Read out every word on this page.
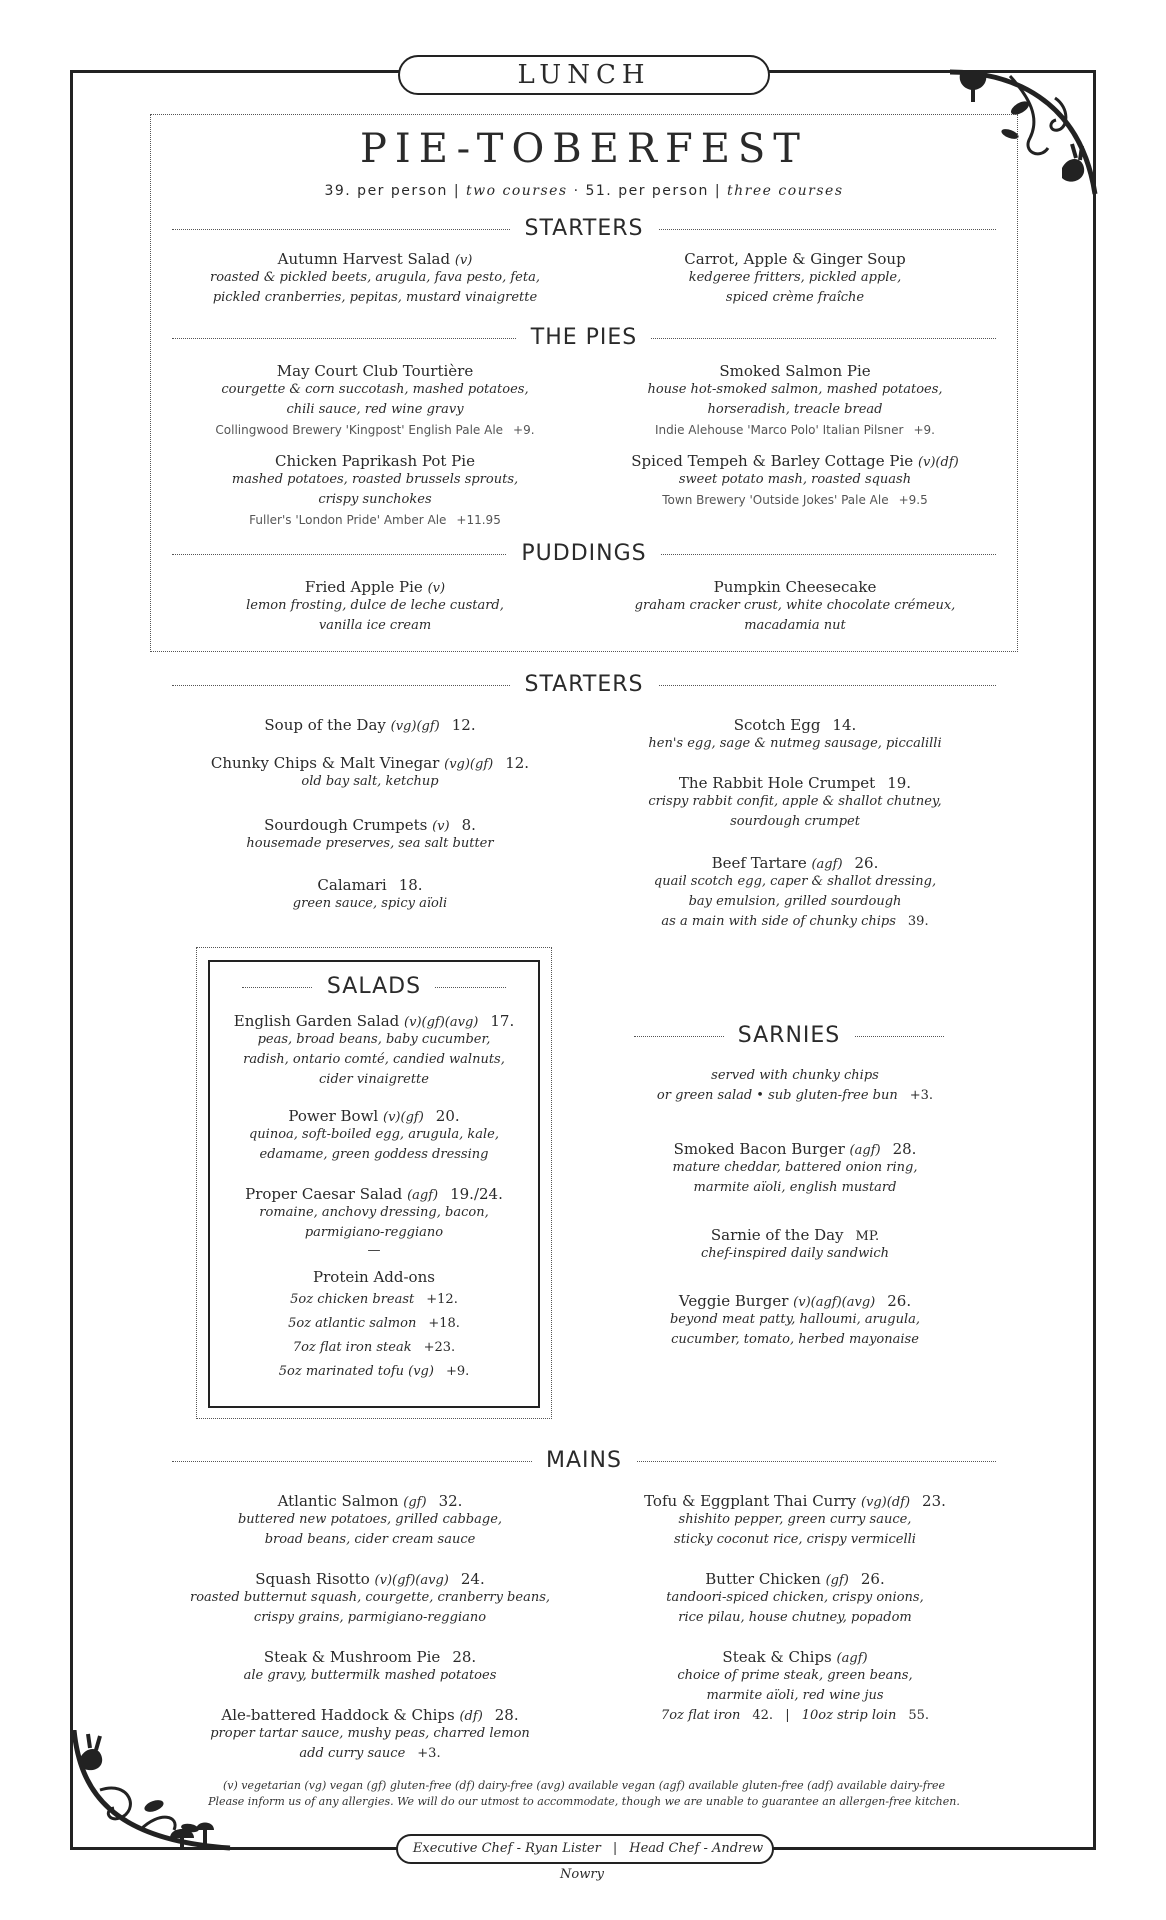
LUNCH
PIE-TOBERFEST
39. per person | two courses · 51. per person | three courses
STARTERS
Autumn Harvest Salad (v)
roasted & pickled beets, arugula, fava pesto, feta,
pickled cranberries, pepitas, mustard vinaigrette
Carrot, Apple & Ginger Soup
kedgeree fritters, pickled apple,
spiced crème fraîche
THE PIES
May Court Club Tourtière
courgette & corn succotash, mashed potatoes,
chili sauce, red wine gravy
Collingwood Brewery 'Kingpost' English Pale Ale +9.
Smoked Salmon Pie
house hot-smoked salmon, mashed potatoes,
horseradish, treacle bread
Indie Alehouse 'Marco Polo' Italian Pilsner +9.
Chicken Paprikash Pot Pie
mashed potatoes, roasted brussels sprouts,
crispy sunchokes
Fuller's 'London Pride' Amber Ale +11.95
Spiced Tempeh & Barley Cottage Pie (v)(df)
sweet potato mash, roasted squash
Town Brewery 'Outside Jokes' Pale Ale +9.5
PUDDINGS
Fried Apple Pie (v)
lemon frosting, dulce de leche custard,
vanilla ice cream
Pumpkin Cheesecake
graham cracker crust, white chocolate crémeux,
macadamia nut
STARTERS
Soup of the Day (vg)(gf) 12.
Chunky Chips & Malt Vinegar (vg)(gf) 12.
old bay salt, ketchup
Sourdough Crumpets (v) 8.
housemade preserves, sea salt butter
Calamari 18.
green sauce, spicy aïoli
Scotch Egg 14.
hen's egg, sage & nutmeg sausage, piccalilli
The Rabbit Hole Crumpet 19.
crispy rabbit confit, apple & shallot chutney,
sourdough crumpet
Beef Tartare (agf) 26.
quail scotch egg, caper & shallot dressing,
bay emulsion, grilled sourdough
as a main with side of chunky chips 39.
SALADS
English Garden Salad (v)(gf)(avg) 17.
peas, broad beans, baby cucumber,
radish, ontario comté, candied walnuts,
cider vinaigrette
Power Bowl (v)(gf) 20.
quinoa, soft-boiled egg, arugula, kale,
edamame, green goddess dressing
Proper Caesar Salad (agf) 19./24.
romaine, anchovy dressing, bacon,
parmigiano-reggiano
—
Protein Add-ons
5oz chicken breast +12.
5oz atlantic salmon +18.
7oz flat iron steak +23.
5oz marinated tofu (vg) +9.
SARNIES
served with chunky chips
or green salad • sub gluten-free bun +3.
Smoked Bacon Burger (agf) 28.
mature cheddar, battered onion ring,
marmite aïoli, english mustard
Sarnie of the Day MP.
chef-inspired daily sandwich
Veggie Burger (v)(agf)(avg) 26.
beyond meat patty, halloumi, arugula,
cucumber, tomato, herbed mayonaise
MAINS
Atlantic Salmon (gf) 32.
buttered new potatoes, grilled cabbage,
broad beans, cider cream sauce
Squash Risotto (v)(gf)(avg) 24.
roasted butternut squash, courgette, cranberry beans,
crispy grains, parmigiano-reggiano
Steak & Mushroom Pie 28.
ale gravy, buttermilk mashed potatoes
Ale-battered Haddock & Chips (df) 28.
proper tartar sauce, mushy peas, charred lemon
add curry sauce +3.
Tofu & Eggplant Thai Curry (vg)(df) 23.
shishito pepper, green curry sauce,
sticky coconut rice, crispy vermicelli
Butter Chicken (gf) 26.
tandoori-spiced chicken, crispy onions,
rice pilau, house chutney, popadom
Steak & Chips (agf)
choice of prime steak, green beans,
marmite aïoli, red wine jus
7oz flat iron 42. | 10oz strip loin 55.
(v) vegetarian (vg) vegan (gf) gluten-free (df) dairy-free (avg) available vegan (agf) available gluten-free (adf) available dairy-free
Please inform us of any allergies. We will do our utmost to accommodate, though we are unable to guarantee an allergen-free kitchen.
Executive Chef - Ryan Lister | Head Chef - Andrew Nowry
